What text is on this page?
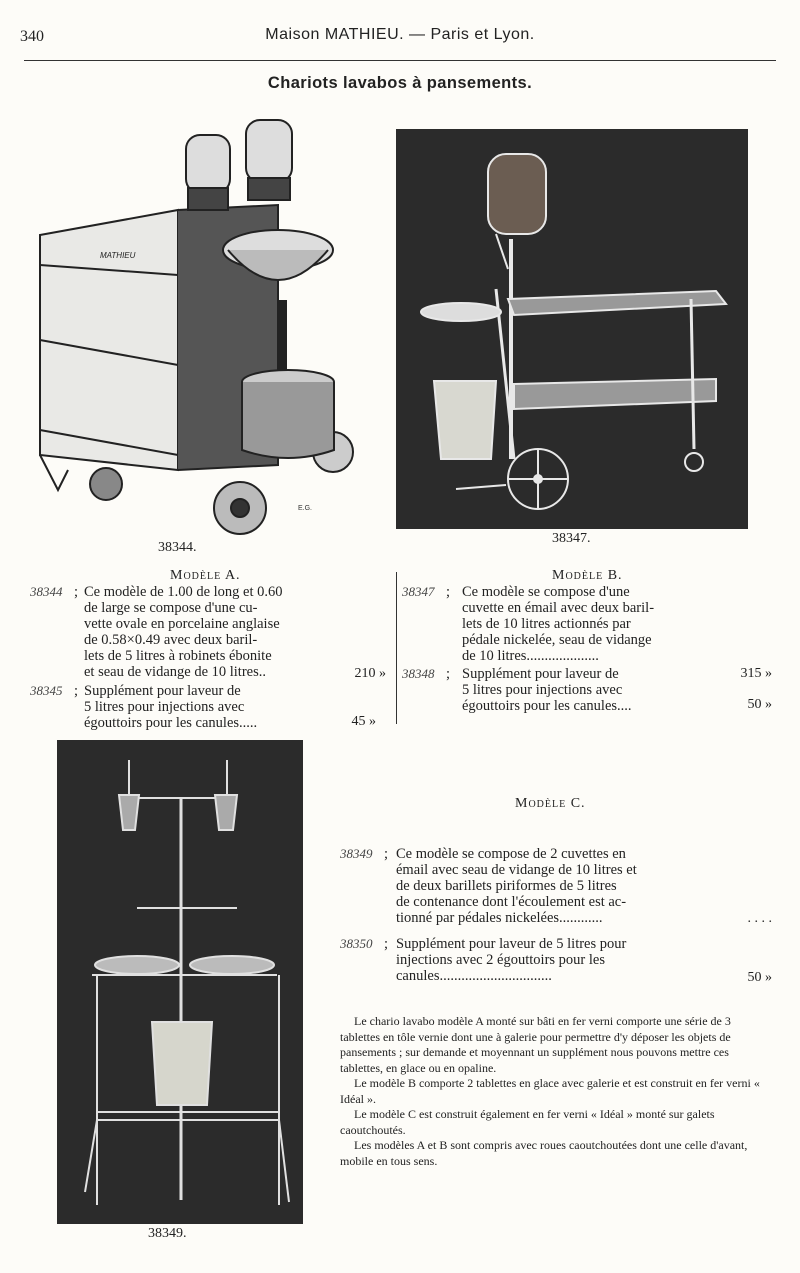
340	Maison MATHIEU. — Paris et Lyon.
Chariots lavabos à pansements.
MATHIEU
E.G.
38344.
38347.
38349.
Modèle A.
38344 ; Ce modèle de 1.00 de long et 0.60
de large se compose d'une cu-
vette ovale en porcelaine anglaise
de 0.58×0.49 avec deux baril-
lets de 5 litres à robinets ébonite
et seau de vidange de 10 litres..	210 »
38345 ; Supplément pour laveur de
5 litres pour injections avec
égouttoirs pour les canules.....	45 »
Modèle B.
38347 ; Ce modèle se compose d'une
cuvette en émail avec deux baril-
lets de 10 litres actionnés par
pédale nickelée, seau de vidange
de 10 litres....................
315 »
38348 ; Supplément pour laveur de
5 litres pour injections avec
égouttoirs pour les canules....	50 »
Modèle C.
38349 ; Ce modèle se compose de 2 cuvettes en
émail avec seau de vidange de 10 litres et
de deux barillets piriformes de 5 litres
de contenance dont l'écoulement est ac-
tionné par pédales nickelées............	. . . .
38350 ; Supplément pour laveur de 5 litres pour
injections avec 2 égouttoirs pour les
canules...............................	50 »

Le chario lavabo modèle A monté sur bâti en fer verni comporte une série de 3 tablettes en tôle vernie dont une à galerie pour permettre d'y déposer les objets de pansements ; sur demande et moyennant un supplément nous pouvons mettre ces tablettes, en glace ou en opaline.

Le modèle B comporte 2 tablettes en glace avec galerie et est construit en fer verni « Idéal ».

Le modèle C est construit également en fer verni « Idéal » monté sur galets caoutchoutés.

Les modèles A et B sont compris avec roues caoutchoutées dont une celle d'avant, mobile en tous sens.
